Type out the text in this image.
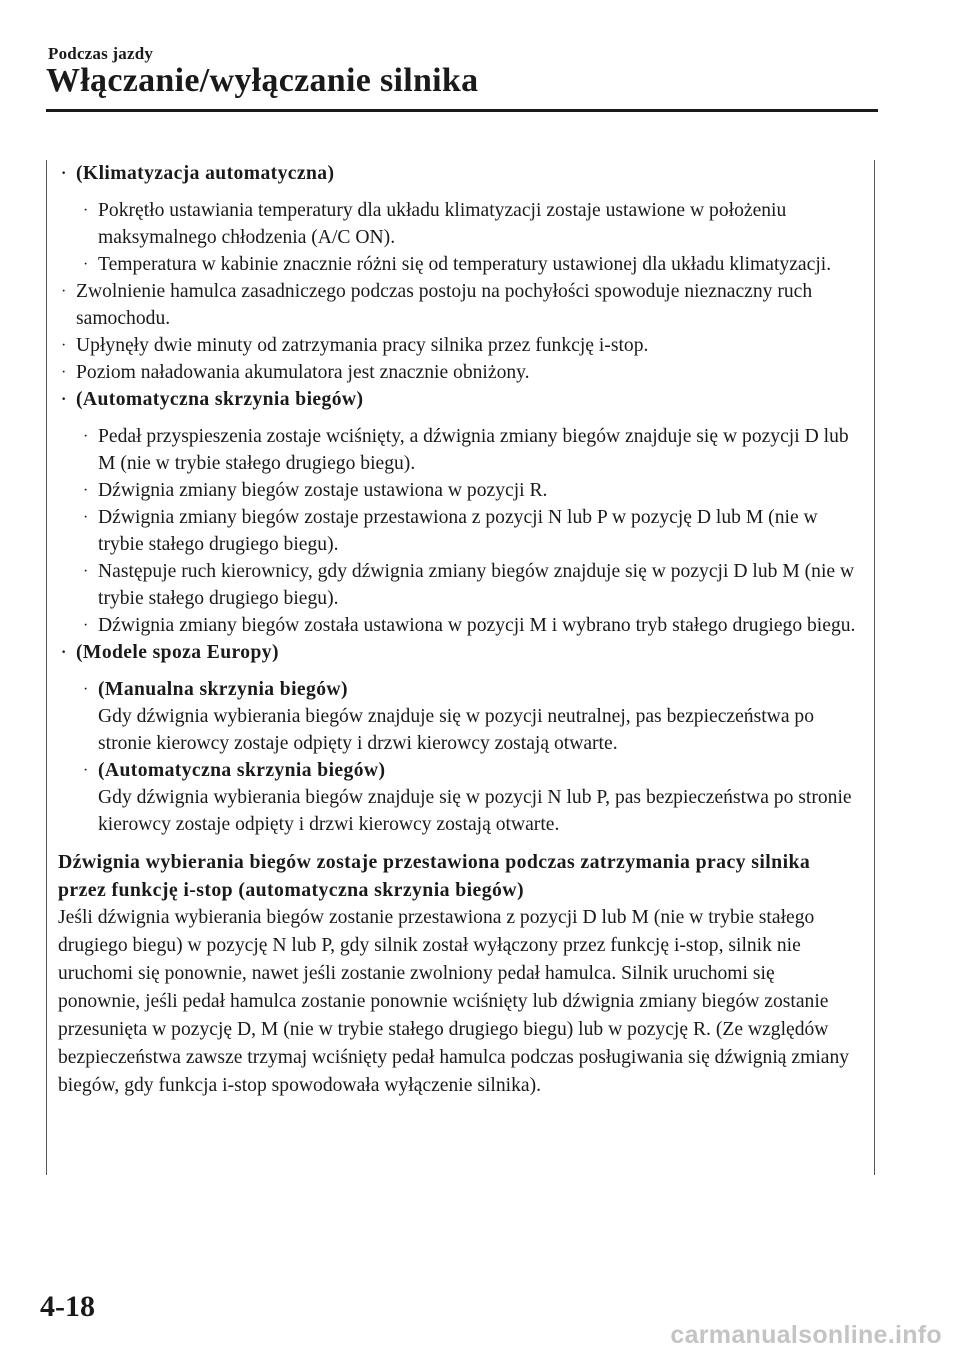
Podczas jazdy
Włączanie/wyłączanie silnika
· (Klimatyzacja automatyczna)
· Pokrętło ustawiania temperatury dla układu klimatyzacji zostaje ustawione w położeniu maksymalnego chłodzenia (A/C ON).
· Temperatura w kabinie znacznie różni się od temperatury ustawionej dla układu klimatyzacji.
· Zwolnienie hamulca zasadniczego podczas postoju na pochyłości spowoduje nieznaczny ruch samochodu.
· Upłynęły dwie minuty od zatrzymania pracy silnika przez funkcję i-stop.
· Poziom naładowania akumulatora jest znacznie obniżony.
· (Automatyczna skrzynia biegów)
· Pedał przyspieszenia zostaje wciśnięty, a dźwignia zmiany biegów znajduje się w pozycji D lub M (nie w trybie stałego drugiego biegu).
· Dźwignia zmiany biegów zostaje ustawiona w pozycji R.
· Dźwignia zmiany biegów zostaje przestawiona z pozycji N lub P w pozycję D lub M (nie w trybie stałego drugiego biegu).
· Następuje ruch kierownicy, gdy dźwignia zmiany biegów znajduje się w pozycji D lub M (nie w trybie stałego drugiego biegu).
· Dźwignia zmiany biegów została ustawiona w pozycji M i wybrano tryb stałego drugiego biegu.
· (Modele spoza Europy)
· (Manualna skrzynia biegów)
Gdy dźwignia wybierania biegów znajduje się w pozycji neutralnej, pas bezpieczeństwa po stronie kierowcy zostaje odpięty i drzwi kierowcy zostają otwarte.
· (Automatyczna skrzynia biegów)
Gdy dźwignia wybierania biegów znajduje się w pozycji N lub P, pas bezpieczeństwa po stronie kierowcy zostaje odpięty i drzwi kierowcy zostają otwarte.
Dźwignia wybierania biegów zostaje przestawiona podczas zatrzymania pracy silnika przez funkcję i-stop (automatyczna skrzynia biegów)
Jeśli dźwignia wybierania biegów zostanie przestawiona z pozycji D lub M (nie w trybie stałego drugiego biegu) w pozycję N lub P, gdy silnik został wyłączony przez funkcję i-stop, silnik nie uruchomi się ponownie, nawet jeśli zostanie zwolniony pedał hamulca. Silnik uruchomi się ponownie, jeśli pedał hamulca zostanie ponownie wciśnięty lub dźwignia zmiany biegów zostanie przesunięta w pozycję D, M (nie w trybie stałego drugiego biegu) lub w pozycję R. (Ze względów bezpieczeństwa zawsze trzymaj wciśnięty pedał hamulca podczas posługiwania się dźwignią zmiany biegów, gdy funkcja i-stop spowodowała wyłączenie silnika).
4-18
carmanualsonline.info
